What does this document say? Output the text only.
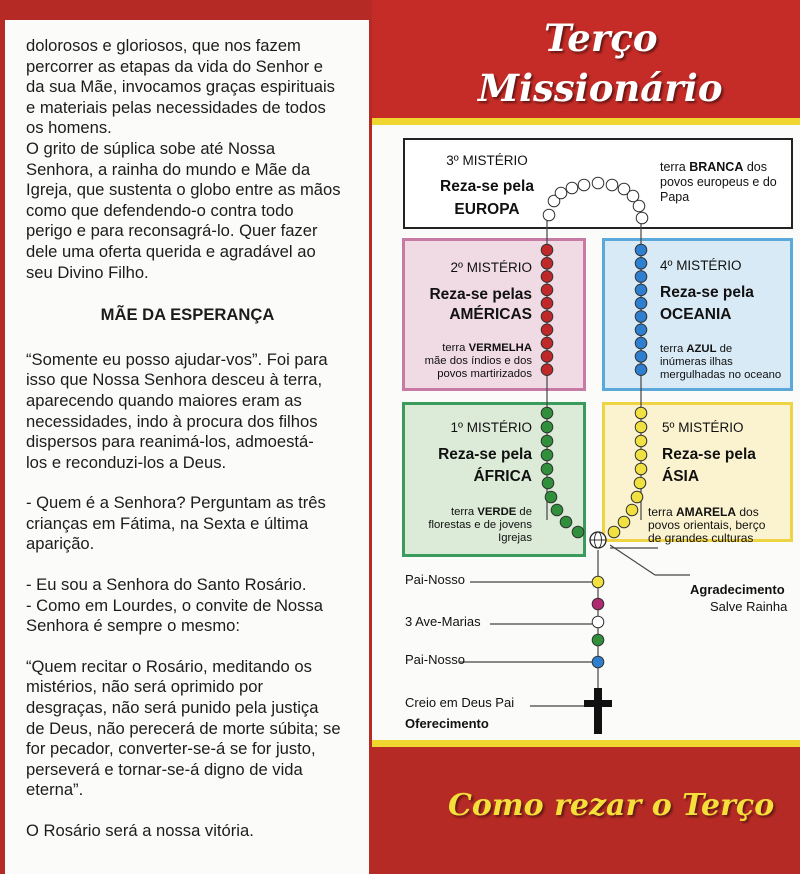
dolorosos e gloriosos, que nos fazem
percorrer as etapas da vida do Senhor e
da sua Mãe, invocamos graças espirituais
e materiais pelas necessidades de todos
os homens.

O grito de súplica sobe até Nossa
Senhora, a rainha do mundo e Mãe da
Igreja, que sustenta o globo entre as mãos
como que defendendo-o contra todo
perigo e para reconsagrá-lo. Quer fazer
dele uma oferta querida e agradável ao
seu Divino Filho.

MÃE DA ESPERANÇA

“Somente eu posso ajudar-vos”. Foi para
isso que Nossa Senhora desceu à terra,
aparecendo quando maiores eram as
necessidades, indo à procura dos filhos
dispersos para reanimá-los, admoestá-
los e reconduzi-los a Deus.

- Quem é a Senhora? Perguntam as três
crianças em Fátima, na Sexta e última
aparição.

- Eu sou a Senhora do Santo Rosário.
- Como em Lourdes, o convite de Nossa
Senhora é sempre o mesmo:

“Quem recitar o Rosário, meditando os
mistérios, não será oprimido por
desgraças, não será punido pela justiça
de Deus, não perecerá de morte súbita; se
for pecador, converter-se-á se for justo,
perseverá e tornar-se-á digno de vida
eterna”.

O Rosário será a nossa vitória.

Terço
Missionário
3º MISTÉRIO
Reza-se pela
EUROPA
terra BRANCA dos
povos europeus e do
Papa
2º MISTÉRIO
Reza-se pelas
AMÉRICAS
terra VERMELHA
mãe dos índios e dos
povos martirizados
4º MISTÉRIO
Reza-se pela
OCEANIA
terra AZUL de
inúmeras ilhas
mergulhadas no oceano
1º MISTÉRIO
Reza-se pela
ÁFRICA
terra VERDE de
florestas e de jovens
Igrejas
5º MISTÉRIO
Reza-se pela
ÁSIA
terra AMARELA dos
povos orientais, berço
de grandes culturas
Pai-Nosso
3 Ave-Marias
Pai-Nosso
Creio em Deus Pai
Oferecimento
Agradecimento
Salve Rainha
Como rezar o Terço
